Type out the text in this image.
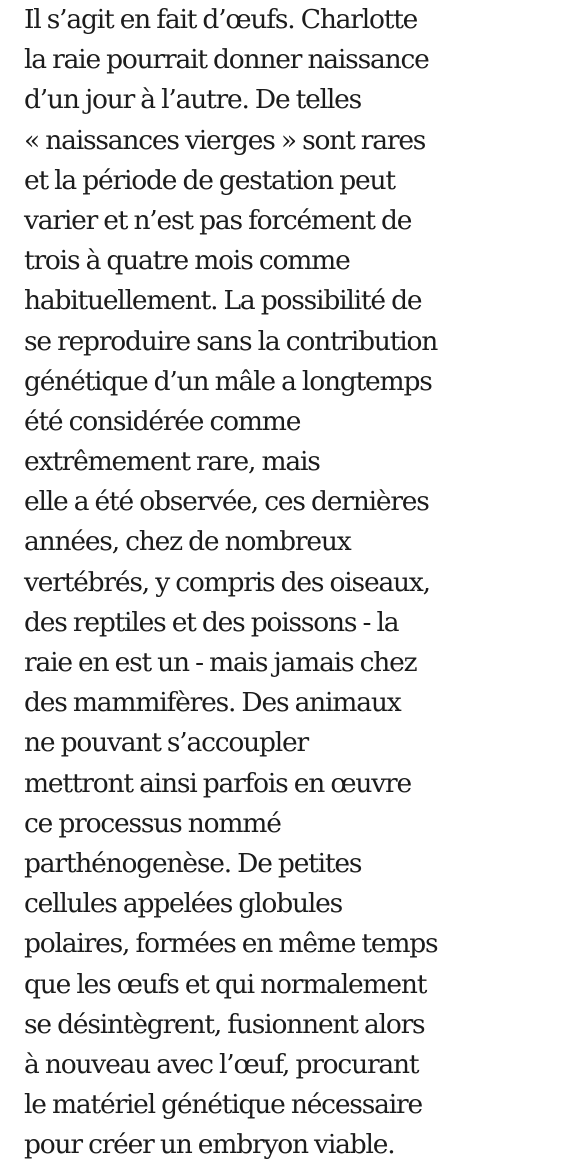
Il s’agit en fait d’œufs. Charlotte
la raie pourrait donner naissance
d’un jour à l’autre. De telles
« naissances vierges » sont rares
et la période de gestation peut
varier et n’est pas forcément de
trois à quatre mois comme
habituellement. La possibilité de
se reproduire sans la contribution
génétique d’un mâle a longtemps
été considérée comme
extrêmement rare, mais
elle a été observée, ces dernières
années, chez de nombreux
vertébrés, y compris des oiseaux,
des reptiles et des poissons - la
raie en est un - mais jamais chez
des mammifères. Des animaux
ne pouvant s’accoupler
mettront ainsi parfois en œuvre
ce processus nommé
parthénogenèse. De petites
cellules appelées globules
polaires, formées en même temps
que les œufs et qui normalement
se désintègrent, fusionnent alors
à nouveau avec l’œuf, procurant
le matériel génétique nécessaire
pour créer un embryon viable.
